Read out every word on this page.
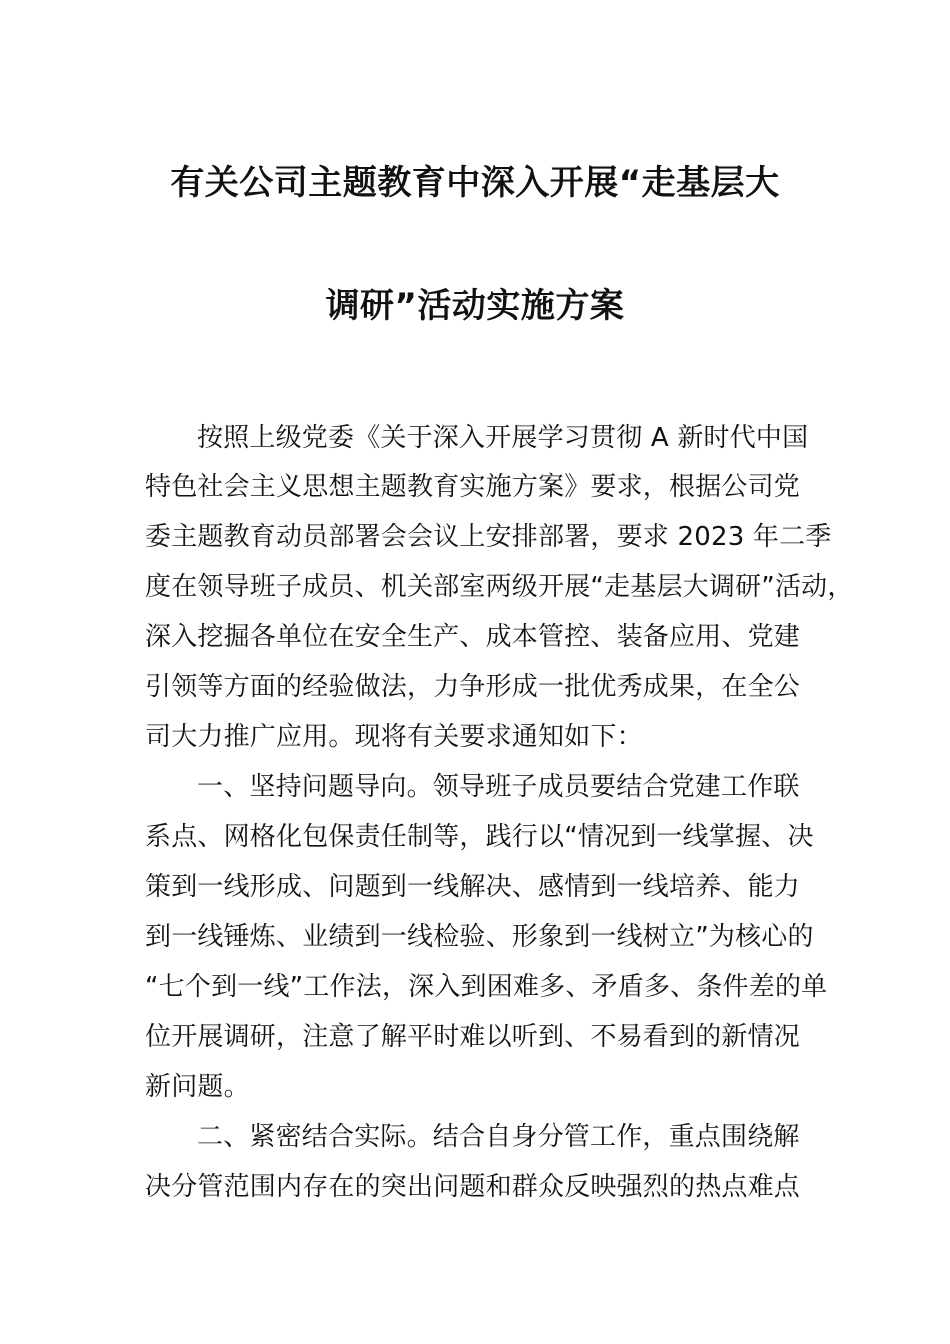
有关公司主题教育中深入开展“走基层大
调研”活动实施方案
按照上级党委《关于深入开展学习贯彻 A 新时代中国
特色社会主义思想主题教育实施方案》要求，根据公司党
委主题教育动员部署会会议上安排部署，要求 2023 年二季
度在领导班子成员、机关部室两级开展“走基层大调研”活动，
深入挖掘各单位在安全生产、成本管控、装备应用、党建
引领等方面的经验做法，力争形成一批优秀成果，在全公
司大力推广应用。现将有关要求通知如下：
一、坚持问题导向。领导班子成员要结合党建工作联
系点、网格化包保责任制等，践行以“情况到一线掌握、决
策到一线形成、问题到一线解决、感情到一线培养、能力
到一线锤炼、业绩到一线检验、形象到一线树立”为核心的
“七个到一线”工作法，深入到困难多、矛盾多、条件差的单
位开展调研，注意了解平时难以听到、不易看到的新情况
新问题。
二、紧密结合实际。结合自身分管工作，重点围绕解
决分管范围内存在的突出问题和群众反映强烈的热点难点
